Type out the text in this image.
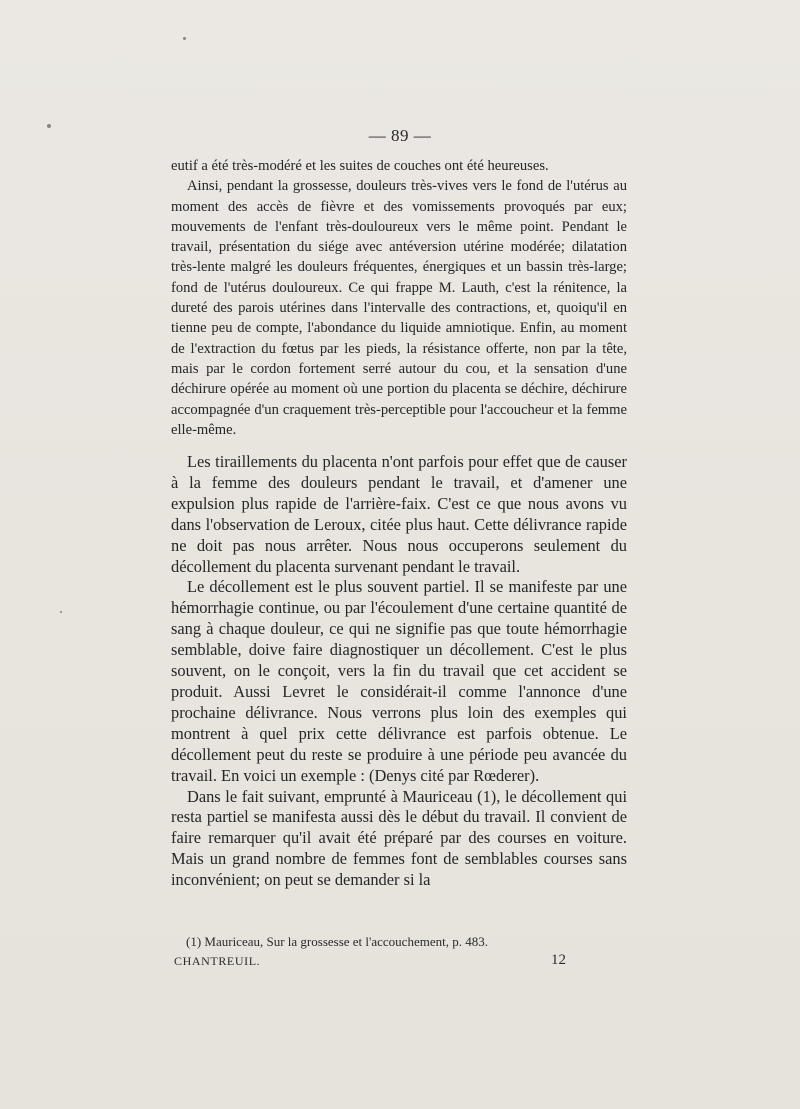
— 89 —

eutif a été très-modéré et les suites de couches ont été heureuses.

Ainsi, pendant la grossesse, douleurs très-vives vers le fond de l'utérus au moment des accès de fièvre et des vomissements provoqués par eux; mouvements de l'enfant très-douloureux vers le même point. Pendant le travail, présentation du siége avec antéversion utérine modérée; dilatation très-lente malgré les douleurs fréquentes, énergiques et un bassin très-large; fond de l'utérus douloureux. Ce qui frappe M. Lauth, c'est la rénitence, la dureté des parois utérines dans l'intervalle des contractions, et, quoiqu'il en tienne peu de compte, l'abondance du liquide amniotique. Enfin, au moment de l'extraction du fœtus par les pieds, la résistance offerte, non par la tête, mais par le cordon fortement serré autour du cou, et la sensation d'une déchirure opérée au moment où une portion du placenta se déchire, déchirure accompagnée d'un craquement très-perceptible pour l'accoucheur et la femme elle-même.

Les tiraillements du placenta n'ont parfois pour effet que de causer à la femme des douleurs pendant le travail, et d'amener une expulsion plus rapide de l'arrière-faix. C'est ce que nous avons vu dans l'observation de Leroux, citée plus haut. Cette délivrance rapide ne doit pas nous arrêter. Nous nous occuperons seulement du décollement du placenta survenant pendant le travail.

Le décollement est le plus souvent partiel. Il se manifeste par une hémorrhagie continue, ou par l'écoulement d'une certaine quantité de sang à chaque douleur, ce qui ne signifie pas que toute hémorrhagie semblable, doive faire diagnostiquer un décollement. C'est le plus souvent, on le conçoit, vers la fin du travail que cet accident se produit. Aussi Levret le considérait-il comme l'annonce d'une prochaine délivrance. Nous verrons plus loin des exemples qui montrent à quel prix cette délivrance est parfois obtenue. Le décollement peut du reste se produire à une période peu avancée du travail. En voici un exemple : (Denys cité par Rœderer).

Dans le fait suivant, emprunté à Mauriceau (1), le décollement qui resta partiel se manifesta aussi dès le début du travail. Il convient de faire remarquer qu'il avait été préparé par des courses en voiture. Mais un grand nombre de femmes font de semblables courses sans inconvénient; on peut se demander si la

(1) Mauriceau, Sur la grossesse et l'accouchement, p. 483.
CHANTREUIL.	12
